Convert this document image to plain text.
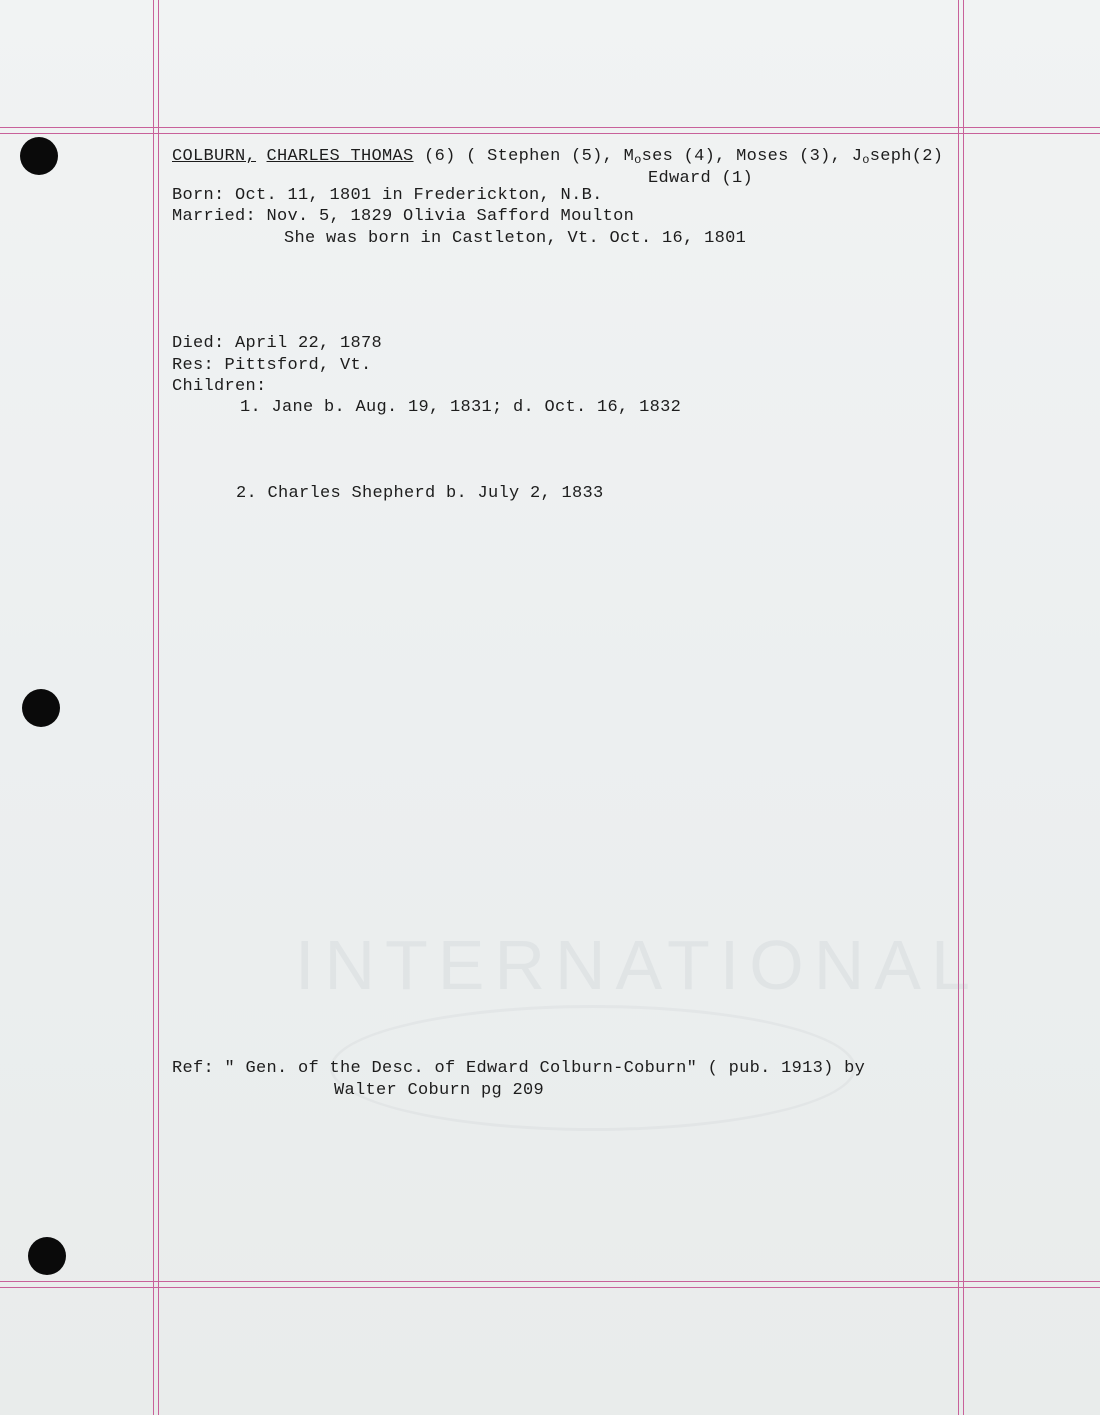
INTERNATIONAL
COLBURN, CHARLES THOMAS (6) ( Stephen (5), Moses (4), Moses (3), Joseph(2)
Edward (1)
Born: Oct. 11, 1801 in Frederickton, N.B.
Married: Nov. 5, 1829 Olivia Safford Moulton
She was born in Castleton, Vt. Oct. 16, 1801
Died: April 22, 1878
Res: Pittsford, Vt.
Children:
1. Jane b. Aug. 19, 1831; d. Oct. 16, 1832
2. Charles Shepherd b. July 2, 1833
Ref: " Gen. of the Desc. of Edward Colburn-Coburn" ( pub. 1913) by
Walter Coburn pg 209
